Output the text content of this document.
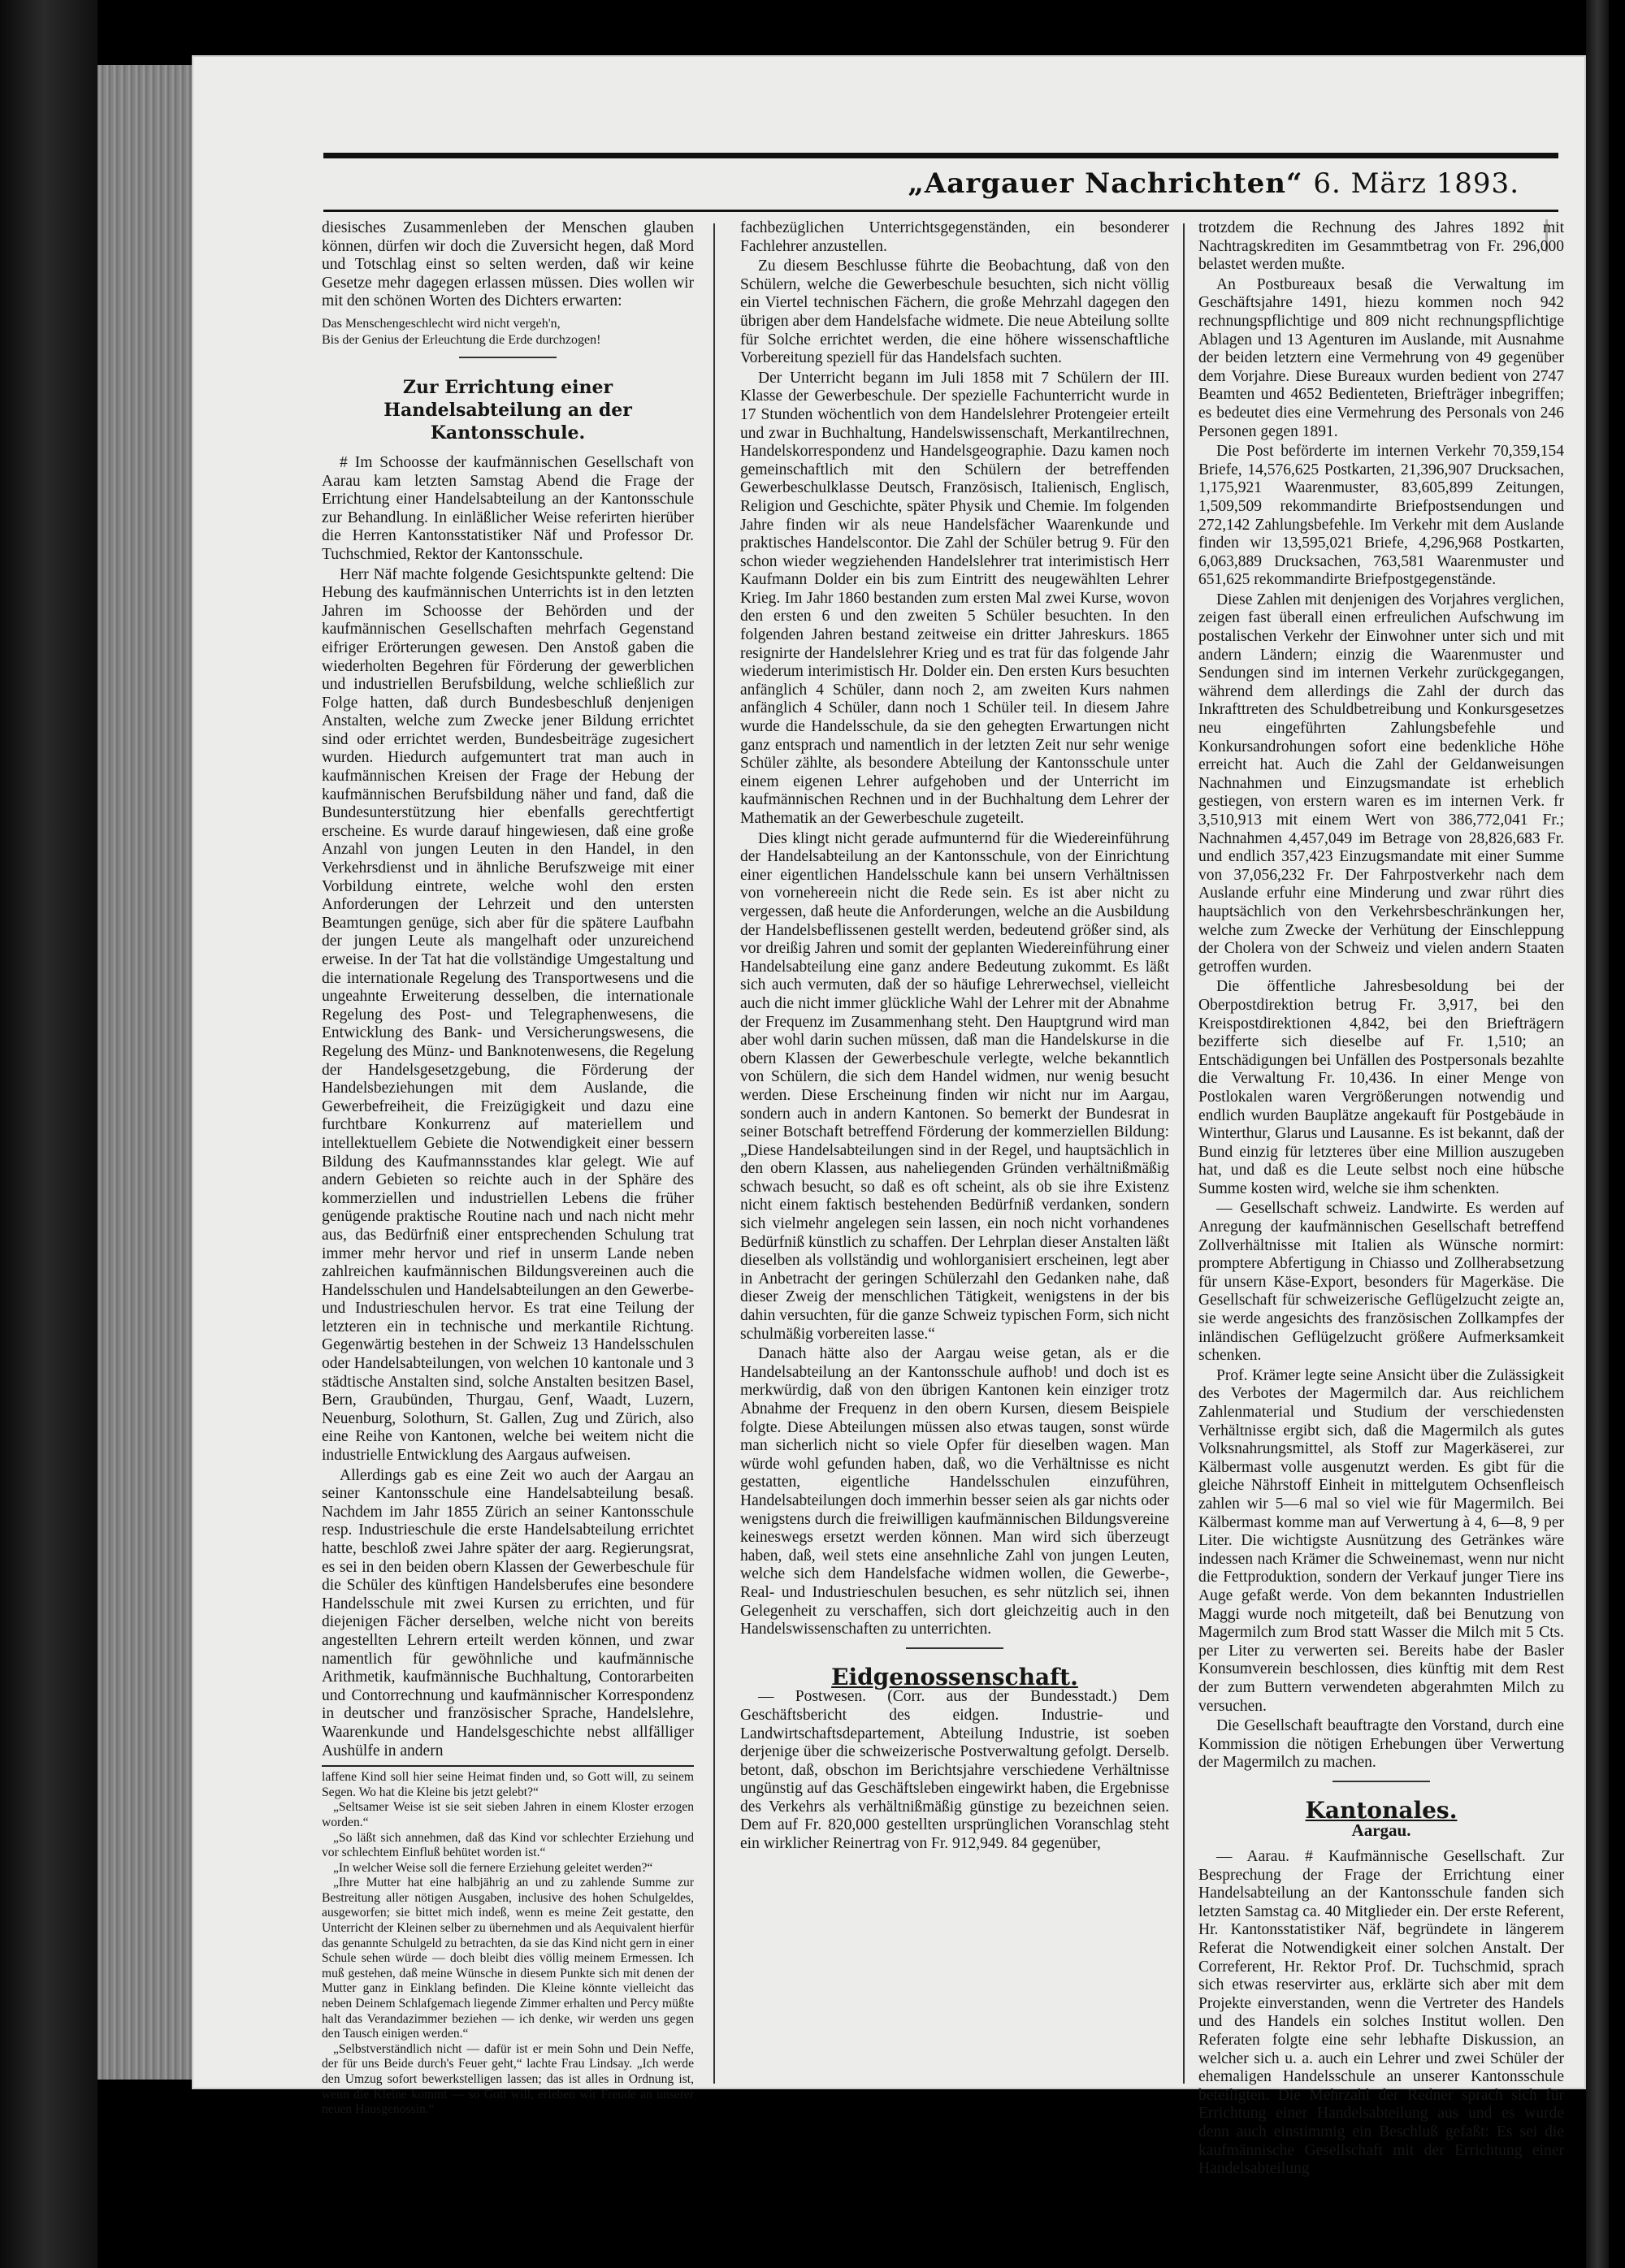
„Aargauer Nachrichten“ 6. März 1893.

diesisches Zusammenleben der Menschen glauben können, dürfen wir doch die Zuversicht hegen, daß Mord und Totschlag einst so selten werden, daß wir keine Gesetze mehr dagegen erlassen müssen. Dies wollen wir mit den schönen Worten des Dichters erwarten:

Das Menschengeschlecht wird nicht vergeh'n,
Bis der Genius der Erleuchtung die Erde durchzogen!
Zur Errichtung einer Handelsabteilung an der Kantonsschule.

# Im Schoosse der kaufmännischen Gesellschaft von Aarau kam letzten Samstag Abend die Frage der Errichtung einer Handelsabteilung an der Kantonsschule zur Behandlung. In einläßlicher Weise referirten hierüber die Herren Kantonsstatistiker Näf und Professor Dr. Tuchschmied, Rektor der Kantonsschule.

Herr Näf machte folgende Gesichtspunkte geltend: Die Hebung des kaufmännischen Unterrichts ist in den letzten Jahren im Schoosse der Behörden und der kaufmännischen Gesellschaften mehrfach Gegenstand eifriger Erörterungen gewesen. Den Anstoß gaben die wiederholten Begehren für Förderung der gewerblichen und industriellen Berufsbildung, welche schließlich zur Folge hatten, daß durch Bundesbeschluß denjenigen Anstalten, welche zum Zwecke jener Bildung errichtet sind oder errichtet werden, Bundesbeiträge zugesichert wurden. Hiedurch aufgemuntert trat man auch in kaufmännischen Kreisen der Frage der Hebung der kaufmännischen Berufsbildung näher und fand, daß die Bundesunterstützung hier ebenfalls gerechtfertigt erscheine. Es wurde darauf hingewiesen, daß eine große Anzahl von jungen Leuten in den Handel, in den Verkehrsdienst und in ähnliche Berufszweige mit einer Vorbildung eintrete, welche wohl den ersten Anforderungen der Lehrzeit und den untersten Beamtungen genüge, sich aber für die spätere Laufbahn der jungen Leute als mangelhaft oder unzureichend erweise. In der Tat hat die vollständige Umgestaltung und die internationale Regelung des Transportwesens und die ungeahnte Erweiterung desselben, die internationale Regelung des Post- und Telegraphenwesens, die Entwicklung des Bank- und Versicherungswesens, die Regelung des Münz- und Banknotenwesens, die Regelung der Handelsgesetzgebung, die Förderung der Handelsbeziehungen mit dem Auslande, die Gewerbefreiheit, die Freizügigkeit und dazu eine furchtbare Konkurrenz auf materiellem und intellektuellem Gebiete die Notwendigkeit einer bessern Bildung des Kaufmannsstandes klar gelegt. Wie auf andern Gebieten so reichte auch in der Sphäre des kommerziellen und industriellen Lebens die früher genügende praktische Routine nach und nach nicht mehr aus, das Bedürfniß einer entsprechenden Schulung trat immer mehr hervor und rief in unserm Lande neben zahlreichen kaufmännischen Bildungsvereinen auch die Handelsschulen und Handelsabteilungen an den Gewerbe- und Industrieschulen hervor. Es trat eine Teilung der letzteren ein in technische und merkantile Richtung. Gegenwärtig bestehen in der Schweiz 13 Handelsschulen oder Handelsabteilungen, von welchen 10 kantonale und 3 städtische Anstalten sind, solche Anstalten besitzen Basel, Bern, Graubünden, Thurgau, Genf, Waadt, Luzern, Neuenburg, Solothurn, St. Gallen, Zug und Zürich, also eine Reihe von Kantonen, welche bei weitem nicht die industrielle Entwicklung des Aargaus aufweisen.

Allerdings gab es eine Zeit wo auch der Aargau an seiner Kantonsschule eine Handelsabteilung besaß. Nachdem im Jahr 1855 Zürich an seiner Kantonsschule resp. Industrieschule die erste Handelsabteilung errichtet hatte, beschloß zwei Jahre später der aarg. Regierungsrat, es sei in den beiden obern Klassen der Gewerbeschule für die Schüler des künftigen Handelsberufes eine besondere Handelsschule mit zwei Kursen zu errichten, und für diejenigen Fächer derselben, welche nicht von bereits angestellten Lehrern erteilt werden können, und zwar namentlich für gewöhnliche und kaufmännische Arithmetik, kaufmännische Buchhaltung, Contorarbeiten und Contorrechnung und kaufmännischer Korrespondenz in deutscher und französischer Sprache, Handelslehre, Waarenkunde und Handelsgeschichte nebst allfälliger Aushülfe in andern

laffene Kind soll hier seine Heimat finden und, so Gott will, zu seinem Segen. Wo hat die Kleine bis jetzt gelebt?“

„Seltsamer Weise ist sie seit sieben Jahren in einem Kloster erzogen worden.“

„So läßt sich annehmen, daß das Kind vor schlechter Erziehung und vor schlechtem Einfluß behütet worden ist.“

„In welcher Weise soll die fernere Erziehung geleitet werden?“

„Ihre Mutter hat eine halbjährig an und zu zahlende Summe zur Bestreitung aller nötigen Ausgaben, inclusive des hohen Schulgeldes, ausgeworfen; sie bittet mich indeß, wenn es meine Zeit gestatte, den Unterricht der Kleinen selber zu übernehmen und als Aequivalent hierfür das genannte Schulgeld zu betrachten, da sie das Kind nicht gern in einer Schule sehen würde — doch bleibt dies völlig meinem Ermessen. Ich muß gestehen, daß meine Wünsche in diesem Punkte sich mit denen der Mutter ganz in Einklang befinden. Die Kleine könnte vielleicht das neben Deinem Schlafgemach liegende Zimmer erhalten und Percy müßte halt das Verandazimmer beziehen — ich denke, wir werden uns gegen den Tausch einigen werden.“

„Selbstverständlich nicht — dafür ist er mein Sohn und Dein Neffe, der für uns Beide durch's Feuer geht,“ lachte Frau Lindsay. „Ich werde den Umzug sofort bewerkstelligen lassen; das ist alles in Ordnung ist, wenn die Kleine kommt — so Gott will, erleben wir Freude an unserer neuen Hausgenossin.“

fachbezüglichen Unterrichtsgegenständen, ein besonderer Fachlehrer anzustellen.

Zu diesem Beschlusse führte die Beobachtung, daß von den Schülern, welche die Gewerbeschule besuchten, sich nicht völlig ein Viertel technischen Fächern, die große Mehrzahl dagegen den übrigen aber dem Handelsfache widmete. Die neue Abteilung sollte für Solche errichtet werden, die eine höhere wissenschaftliche Vorbereitung speziell für das Handelsfach suchten.

Der Unterricht begann im Juli 1858 mit 7 Schülern der III. Klasse der Gewerbeschule. Der spezielle Fachunterricht wurde in 17 Stunden wöchentlich von dem Handelslehrer Protengeier erteilt und zwar in Buchhaltung, Handelswissenschaft, Merkantilrechnen, Handelskorrespondenz und Handelsgeographie. Dazu kamen noch gemeinschaftlich mit den Schülern der betreffenden Gewerbeschulklasse Deutsch, Französisch, Italienisch, Englisch, Religion und Geschichte, später Physik und Chemie. Im folgenden Jahre finden wir als neue Handelsfächer Waarenkunde und praktisches Handelscontor. Die Zahl der Schüler betrug 9. Für den schon wieder wegziehenden Handelslehrer trat interimistisch Herr Kaufmann Dolder ein bis zum Eintritt des neugewählten Lehrer Krieg. Im Jahr 1860 bestanden zum ersten Mal zwei Kurse, wovon den ersten 6 und den zweiten 5 Schüler besuchten. In den folgenden Jahren bestand zeitweise ein dritter Jahreskurs. 1865 resignirte der Handelslehrer Krieg und es trat für das folgende Jahr wiederum interimistisch Hr. Dolder ein. Den ersten Kurs besuchten anfänglich 4 Schüler, dann noch 2, am zweiten Kurs nahmen anfänglich 4 Schüler, dann noch 1 Schüler teil. In diesem Jahre wurde die Handelsschule, da sie den gehegten Erwartungen nicht ganz entsprach und namentlich in der letzten Zeit nur sehr wenige Schüler zählte, als besondere Abteilung der Kantonsschule unter einem eigenen Lehrer aufgehoben und der Unterricht im kaufmännischen Rechnen und in der Buchhaltung dem Lehrer der Mathematik an der Gewerbeschule zugeteilt.

Dies klingt nicht gerade aufmunternd für die Wiedereinführung der Handelsabteilung an der Kantonsschule, von der Einrichtung einer eigentlichen Handelsschule kann bei unsern Verhältnissen von vornehereein nicht die Rede sein. Es ist aber nicht zu vergessen, daß heute die Anforderungen, welche an die Ausbildung der Handelsbeflissenen gestellt werden, bedeutend größer sind, als vor dreißig Jahren und somit der geplanten Wiedereinführung einer Handelsabteilung eine ganz andere Bedeutung zukommt. Es läßt sich auch vermuten, daß der so häufige Lehrerwechsel, vielleicht auch die nicht immer glückliche Wahl der Lehrer mit der Abnahme der Frequenz im Zusammenhang steht. Den Hauptgrund wird man aber wohl darin suchen müssen, daß man die Handelskurse in die obern Klassen der Gewerbeschule verlegte, welche bekanntlich von Schülern, die sich dem Handel widmen, nur wenig besucht werden. Diese Erscheinung finden wir nicht nur im Aargau, sondern auch in andern Kantonen. So bemerkt der Bundesrat in seiner Botschaft betreffend Förderung der kommerziellen Bildung: „Diese Handelsabteilungen sind in der Regel, und hauptsächlich in den obern Klassen, aus naheliegenden Gründen verhältnißmäßig schwach besucht, so daß es oft scheint, als ob sie ihre Existenz nicht einem faktisch bestehenden Bedürfniß verdanken, sondern sich vielmehr angelegen sein lassen, ein noch nicht vorhandenes Bedürfniß künstlich zu schaffen. Der Lehrplan dieser Anstalten läßt dieselben als vollständig und wohlorganisiert erscheinen, legt aber in Anbetracht der geringen Schülerzahl den Gedanken nahe, daß dieser Zweig der menschlichen Tätigkeit, wenigstens in der bis dahin versuchten, für die ganze Schweiz typischen Form, sich nicht schulmäßig vorbereiten lasse.“

Danach hätte also der Aargau weise getan, als er die Handelsabteilung an der Kantonsschule aufhob! und doch ist es merkwürdig, daß von den übrigen Kantonen kein einziger trotz Abnahme der Frequenz in den obern Kursen, diesem Beispiele folgte. Diese Abteilungen müssen also etwas taugen, sonst würde man sicherlich nicht so viele Opfer für dieselben wagen. Man würde wohl gefunden haben, daß, wo die Verhältnisse es nicht gestatten, eigentliche Handelsschulen einzuführen, Handelsabteilungen doch immerhin besser seien als gar nichts oder wenigstens durch die freiwilligen kaufmännischen Bildungsvereine keineswegs ersetzt werden können. Man wird sich überzeugt haben, daß, weil stets eine ansehnliche Zahl von jungen Leuten, welche sich dem Handelsfache widmen wollen, die Gewerbe-, Real- und Industrieschulen besuchen, es sehr nützlich sei, ihnen Gelegenheit zu verschaffen, sich dort gleichzeitig auch in den Handelswissenschaften zu unterrichten.

Eidgenossenschaft.

— Postwesen. (Corr. aus der Bundesstadt.) Dem Geschäftsbericht des eidgen. Industrie- und Landwirtschaftsdepartement, Abteilung Industrie, ist soeben derjenige über die schweizerische Postverwaltung gefolgt. Derselb. betont, daß, obschon im Berichtsjahre verschiedene Verhältnisse ungünstig auf das Geschäftsleben eingewirkt haben, die Ergebnisse des Verkehrs als verhältnißmäßig günstige zu bezeichnen seien. Dem auf Fr. 820,000 gestellten ursprünglichen Voranschlag steht ein wirklicher Reinertrag von Fr. 912,949. 84 gegenüber,

trotzdem die Rechnung des Jahres 1892 mit Nachtragskrediten im Gesammtbetrag von Fr. 296,000 belastet werden mußte.

An Postbureaux besaß die Verwaltung im Geschäftsjahre 1491, hiezu kommen noch 942 rechnungspflichtige und 809 nicht rechnungspflichtige Ablagen und 13 Agenturen im Auslande, mit Ausnahme der beiden letztern eine Vermehrung von 49 gegenüber dem Vorjahre. Diese Bureaux wurden bedient von 2747 Beamten und 4652 Bedienteten, Briefträger inbegriffen; es bedeutet dies eine Vermehrung des Personals von 246 Personen gegen 1891.

Die Post beförderte im internen Verkehr 70,359,154 Briefe, 14,576,625 Postkarten, 21,396,907 Drucksachen, 1,175,921 Waarenmuster, 83,605,899 Zeitungen, 1,509,509 rekommandirte Briefpostsendungen und 272,142 Zahlungsbefehle. Im Verkehr mit dem Auslande finden wir 13,595,021 Briefe, 4,296,968 Postkarten, 6,063,889 Drucksachen, 763,581 Waarenmuster und 651,625 rekommandirte Briefpostgegenstände.

Diese Zahlen mit denjenigen des Vorjahres verglichen, zeigen fast überall einen erfreulichen Aufschwung im postalischen Verkehr der Einwohner unter sich und mit andern Ländern; einzig die Waarenmuster und Sendungen sind im internen Verkehr zurückgegangen, während dem allerdings die Zahl der durch das Inkrafttreten des Schuldbetreibung und Konkursgesetzes neu eingeführten Zahlungsbefehle und Konkursandrohungen sofort eine bedenkliche Höhe erreicht hat. Auch die Zahl der Geldanweisungen Nachnahmen und Einzugsmandate ist erheblich gestiegen, von erstern waren es im internen Verk. fr 3,510,913 mit einem Wert von 386,772,041 Fr.; Nachnahmen 4,457,049 im Betrage von 28,826,683 Fr. und endlich 357,423 Einzugsmandate mit einer Summe von 37,056,232 Fr. Der Fahrpostverkehr nach dem Auslande erfuhr eine Minderung und zwar rührt dies hauptsächlich von den Verkehrsbeschränkungen her, welche zum Zwecke der Verhütung der Einschleppung der Cholera von der Schweiz und vielen andern Staaten getroffen wurden.

Die öffentliche Jahresbesoldung bei der Oberpostdirektion betrug Fr. 3,917, bei den Kreispostdirektionen 4,842, bei den Briefträgern bezifferte sich dieselbe auf Fr. 1,510; an Entschädigungen bei Unfällen des Postpersonals bezahlte die Verwaltung Fr. 10,436. In einer Menge von Postlokalen waren Vergrößerungen notwendig und endlich wurden Bauplätze angekauft für Postgebäude in Winterthur, Glarus und Lausanne. Es ist bekannt, daß der Bund einzig für letzteres über eine Million auszugeben hat, und daß es die Leute selbst noch eine hübsche Summe kosten wird, welche sie ihm schenkten.

— Gesellschaft schweiz. Landwirte. Es werden auf Anregung der kaufmännischen Gesellschaft betreffend Zollverhältnisse mit Italien als Wünsche normirt: promptere Abfertigung in Chiasso und Zollherabsetzung für unsern Käse-Export, besonders für Magerkäse. Die Gesellschaft für schweizerische Geflügelzucht zeigte an, sie werde angesichts des französischen Zollkampfes der inländischen Geflügelzucht größere Aufmerksamkeit schenken.

Prof. Krämer legte seine Ansicht über die Zulässigkeit des Verbotes der Magermilch dar. Aus reichlichem Zahlenmaterial und Studium der verschiedensten Verhältnisse ergibt sich, daß die Magermilch als gutes Volksnahrungsmittel, als Stoff zur Magerkäserei, zur Kälbermast volle ausgenutzt werden. Es gibt für die gleiche Nährstoff Einheit in mittelgutem Ochsenfleisch zahlen wir 5—6 mal so viel wie für Magermilch. Bei Kälbermast komme man auf Verwertung à 4, 6—8, 9 per Liter. Die wichtigste Ausnützung des Getränkes wäre indessen nach Krämer die Schweinemast, wenn nur nicht die Fettproduktion, sondern der Verkauf junger Tiere ins Auge gefaßt werde. Von dem bekannten Industriellen Maggi wurde noch mitgeteilt, daß bei Benutzung von Magermilch zum Brod statt Wasser die Milch mit 5 Cts. per Liter zu verwerten sei. Bereits habe der Basler Konsumverein beschlossen, dies künftig mit dem Rest der zum Buttern verwendeten abgerahmten Milch zu versuchen.

Die Gesellschaft beauftragte den Vorstand, durch eine Kommission die nötigen Erhebungen über Verwertung der Magermilch zu machen.

Kantonales.
Aargau.

— Aarau. # Kaufmännische Gesellschaft. Zur Besprechung der Frage der Errichtung einer Handelsabteilung an der Kantonsschule fanden sich letzten Samstag ca. 40 Mitglieder ein. Der erste Referent, Hr. Kantonsstatistiker Näf, begründete in längerem Referat die Notwendigkeit einer solchen Anstalt. Der Correferent, Hr. Rektor Prof. Dr. Tuchschmid, sprach sich etwas reservirter aus, erklärte sich aber mit dem Projekte einverstanden, wenn die Vertreter des Handels und des Handels ein solches Institut wollen. Den Referaten folgte eine sehr lebhafte Diskussion, an welcher sich u. a. auch ein Lehrer und zwei Schüler der ehemaligen Handelsschule an unserer Kantonsschule beteiligten. Die Mehrzahl der Redner sprach sich für Errichtung einer Handelsabteilung aus und es wurde denn auch einstimmig ein Beschluß gefaßt: Es sei die kaufmännische Gesellschaft mit der Errichtung einer Handelsabteilung
